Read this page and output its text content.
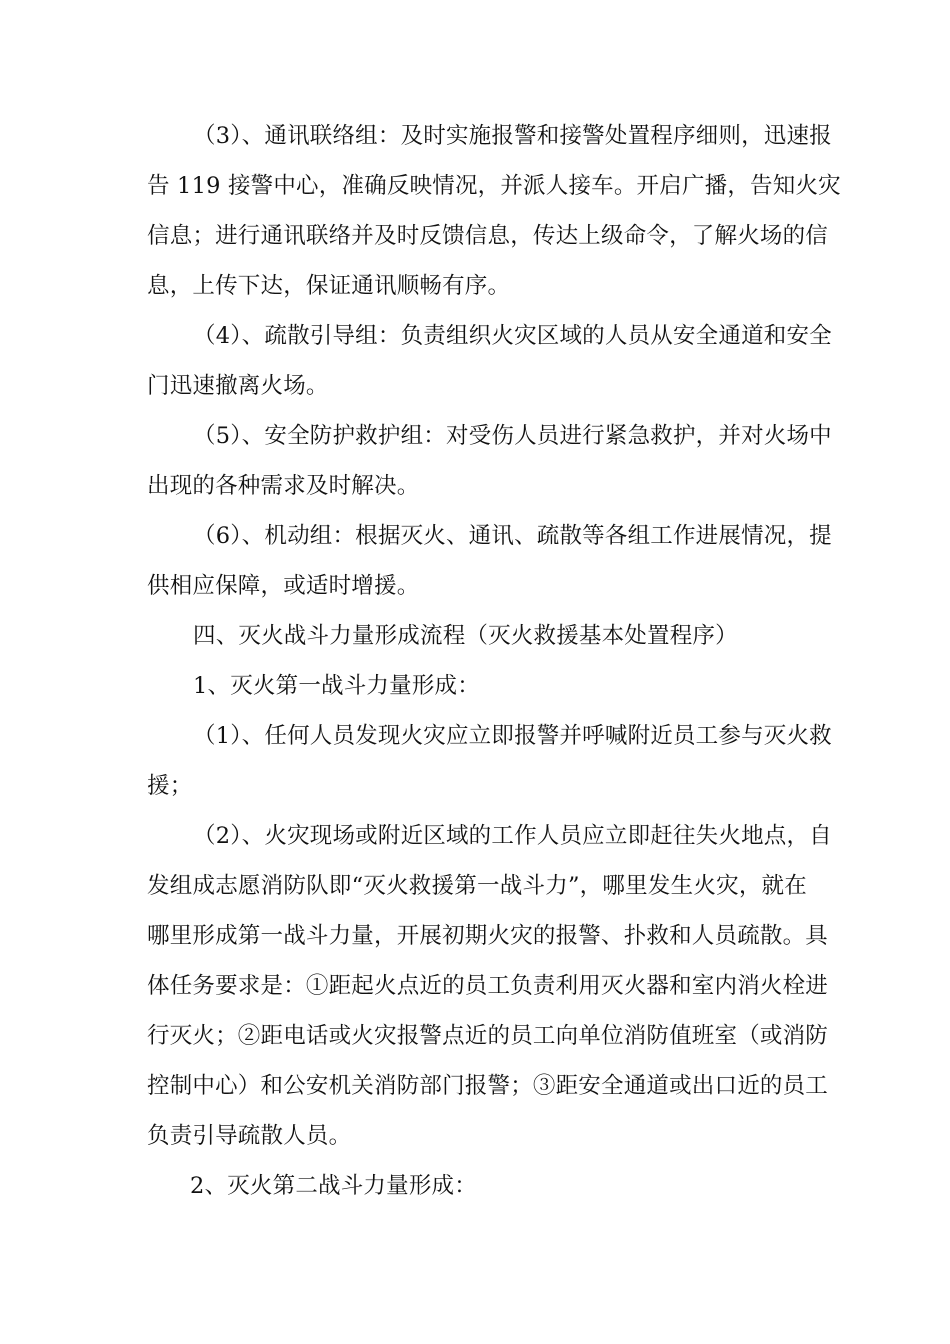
（3）、通讯联络组：及时实施报警和接警处置程序细则，迅速报
告 119 接警中心，准确反映情况，并派人接车。开启广播，告知火灾
信息；进行通讯联络并及时反馈信息，传达上级命令，了解火场的信
息，上传下达，保证通讯顺畅有序。
（4）、疏散引导组：负责组织火灾区域的人员从安全通道和安全
门迅速撤离火场。
（5）、安全防护救护组：对受伤人员进行紧急救护，并对火场中
出现的各种需求及时解决。
（6）、机动组：根据灭火、通讯、疏散等各组工作进展情况，提
供相应保障，或适时增援。
四、灭火战斗力量形成流程（灭火救援基本处置程序）
1、灭火第一战斗力量形成：
（1）、任何人员发现火灾应立即报警并呼喊附近员工参与灭火救
援；
（2）、火灾现场或附近区域的工作人员应立即赶往失火地点，自
发组成志愿消防队即“灭火救援第一战斗力”，哪里发生火灾，就在
哪里形成第一战斗力量，开展初期火灾的报警、扑救和人员疏散。具
体任务要求是：①距起火点近的员工负责利用灭火器和室内消火栓进
行灭火；②距电话或火灾报警点近的员工向单位消防值班室（或消防
控制中心）和公安机关消防部门报警；③距安全通道或出口近的员工
负责引导疏散人员。
2、灭火第二战斗力量形成：
